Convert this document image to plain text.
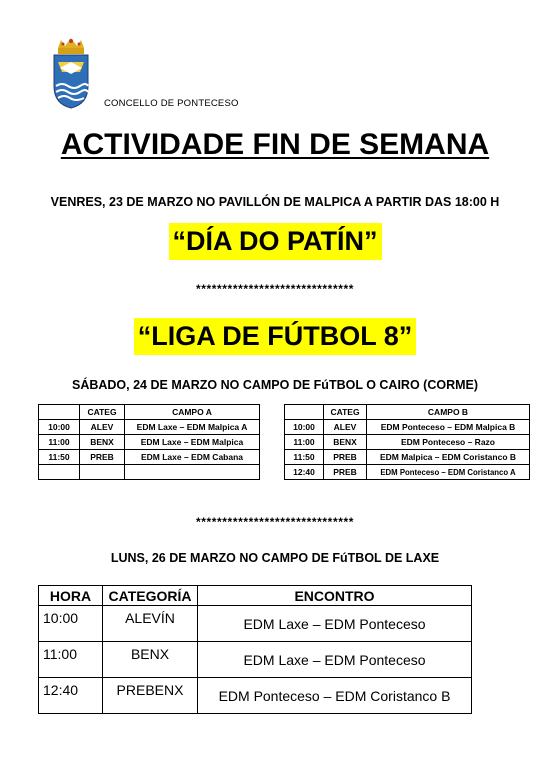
CONCELLO DE PONTECESO
ACTIVIDADE FIN DE SEMANA
VENRES, 23 DE MARZO NO PAVILLÓN DE MALPICA A PARTIR DAS 18:00 H
“DÍA DO PATÍN”
******************************
“LIGA DE FÚTBOL 8”
SÁBADO, 24 DE MARZO NO CAMPO DE FúTBOL O CAIRO (CORME)
	CATEG	CAMPO A
10:00	ALEV	EDM Laxe – EDM Malpica A
11:00	BENX	EDM Laxe – EDM Malpica
11:50	PREB	EDM Laxe – EDM Cabana

	CATEG	CAMPO B
10:00	ALEV	EDM Ponteceso – EDM Malpica B
11:00	BENX	EDM Ponteceso – Razo
11:50	PREB	EDM Malpica – EDM Coristanco B
12:40	PREB	EDM Ponteceso – EDM Coristanco A
******************************
LUNS, 26 DE MARZO NO CAMPO DE FúTBOL DE LAXE
HORA	CATEGORÍA	ENCONTRO
10:00	ALEVÍN	EDM Laxe – EDM Ponteceso
11:00	BENX	EDM Laxe – EDM Ponteceso
12:40	PREBENX	EDM Ponteceso – EDM Coristanco B
